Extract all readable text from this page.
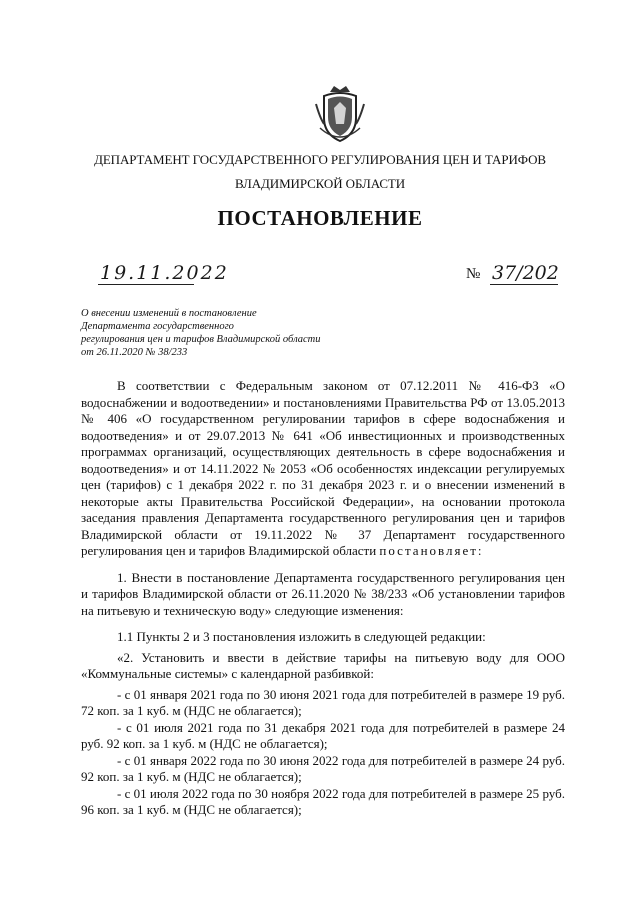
ДЕПАРТАМЕНТ ГОСУДАРСТВЕННОГО РЕГУЛИРОВАНИЯ ЦЕН И ТАРИФОВ
ВЛАДИМИРСКОЙ ОБЛАСТИ
ПОСТАНОВЛЕНИЕ
19.11.2022	№ 37/202
О внесении изменений в постановление
Департамента государственного
регулирования цен и тарифов Владимирской области
от 26.11.2020 № 38/233

В соответствии с Федеральным законом от 07.12.2011 № 416-ФЗ «О водоснабжении и водоотведении» и постановлениями Правительства РФ от 13.05.2013 № 406 «О государственном регулировании тарифов в сфере водоснабжения и водоотведения» и от 29.07.2013 № 641 «Об инвестиционных и производственных программах организаций, осуществляющих деятельность в сфере водоснабжения и водоотведения» и от 14.11.2022 № 2053 «Об особенностях индексации регулируемых цен (тарифов) с 1 декабря 2022 г. по 31 декабря 2023 г. и о внесении изменений в некоторые акты Правительства Российской Федерации», на основании протокола заседания правления Департамента государственного регулирования цен и тарифов Владимирской области от 19.11.2022 № 37 Департамент государственного регулирования цен и тарифов Владимирской области постановляет:

1. Внести в постановление Департамента государственного регулирования цен и тарифов Владимирской области от 26.11.2020 № 38/233 «Об установлении тарифов на питьевую и техническую воду» следующие изменения:

1.1 Пункты 2 и 3 постановления изложить в следующей редакции:

«2. Установить и ввести в действие тарифы на питьевую воду для ООО «Коммунальные системы» с календарной разбивкой:

- с 01 января 2021 года по 30 июня 2021 года для потребителей в размере 19 руб. 72 коп. за 1 куб. м (НДС не облагается);

- с 01 июля 2021 года по 31 декабря 2021 года для потребителей в размере 24 руб. 92 коп. за 1 куб. м (НДС не облагается);

- с 01 января 2022 года по 30 июня 2022 года для потребителей в размере 24 руб. 92 коп. за 1 куб. м (НДС не облагается);

- с 01 июля 2022 года по 30 ноября 2022 года для потребителей в размере 25 руб. 96 коп. за 1 куб. м (НДС не облагается);
